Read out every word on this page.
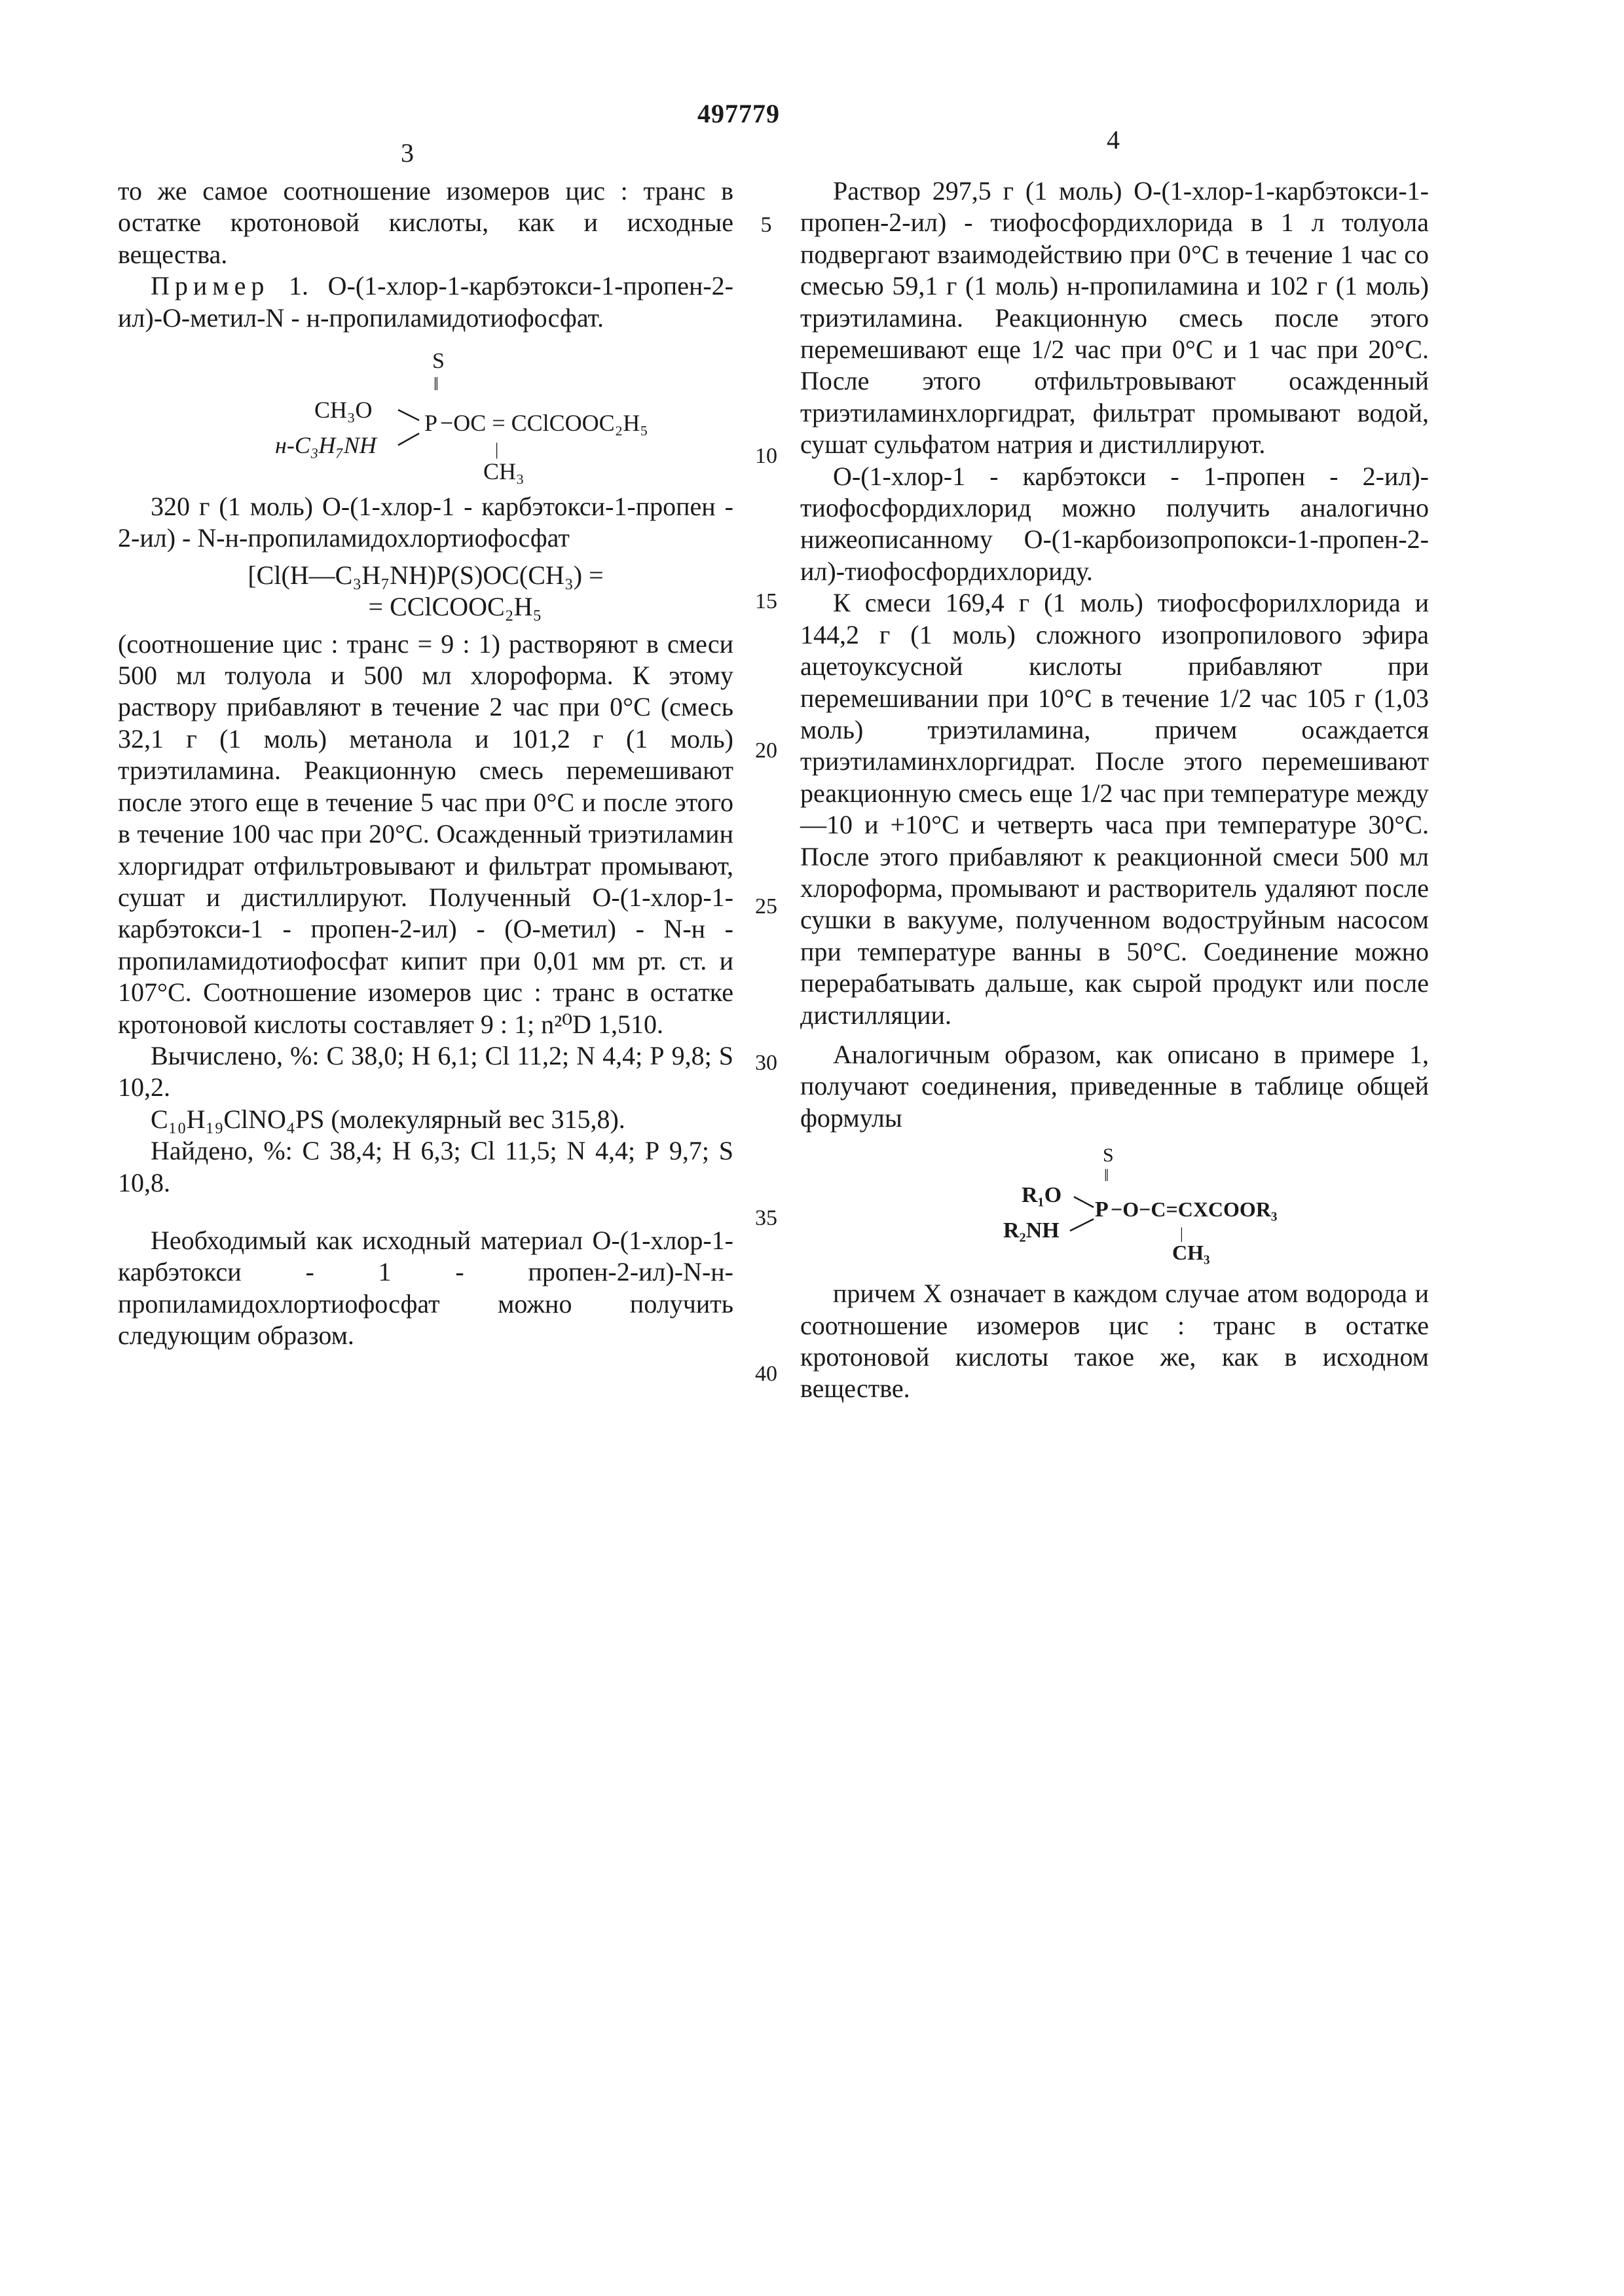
497779
3	4
5
10
15
20
25
30
35
40

то же самое соотношение изомеров цис : транс в остатке кротоновой кислоты, как и исходные вещества.

Пример 1. О-(1-хлор-1-карбэтокси-1-пропен-2-ил)-О-метил-N - н-пропиламидотиофосфат.

S
‖
CH₃O P
н-C₃H₇NH
−OC = CClCOOC₂H₅
|
CH₃

320 г (1 моль) О-(1-хлор-1 - карбэтокси-1-пропен - 2-ил) - N-н-пропиламидохлортиофосфат

[Cl(H—C₃H₇NH)P(S)OC(CH₃) =

= CClCOOC₂H₅

(соотношение цис : транс = 9 : 1) растворяют в смеси 500 мл толуола и 500 мл хлороформа. К этому раствору прибавляют в течение 2 час при 0°С (смесь 32,1 г (1 моль) метанола и 101,2 г (1 моль) триэтиламина. Реакционную смесь перемешивают после этого еще в течение 5 час при 0°С и после этого в течение 100 час при 20°С. Осажденный триэтиламин хлоргидрат отфильтровывают и фильтрат промывают, сушат и дистиллируют. Полученный О-(1-хлор-1-карбэтокси-1 - пропен-2-ил) - (О-метил) - N-н - пропиламидотиофосфат кипит при 0,01 мм рт. ст. и 107°С. Соотношение изомеров цис : транс в остатке кротоновой кислоты составляет 9 : 1; n²⁰D 1,510.

Вычислено, %: С 38,0; Н 6,1; Cl 11,2; N 4,4; Р 9,8; S 10,2.

C₁₀H₁₉ClNO₄PS (молекулярный вес 315,8).

Найдено, %: С 38,4; Н 6,3; Cl 11,5; N 4,4; Р 9,7; S 10,8.

Необходимый как исходный материал О-(1-хлор-1-карбэтокси - 1 - пропен-2-ил)-N-н-пропиламидохлортиофосфат можно получить следующим образом.

Раствор 297,5 г (1 моль) О-(1-хлор-1-карбэтокси-1-пропен-2-ил) - тиофосфордихлорида в 1 л толуола подвергают взаимодействию при 0°С в течение 1 час со смесью 59,1 г (1 моль) н-пропиламина и 102 г (1 моль) триэтиламина. Реакционную смесь после этого перемешивают еще 1/2 час при 0°С и 1 час при 20°С. После этого отфильтровывают осажденный триэтиламинхлоргидрат, фильтрат промывают водой, сушат сульфатом натрия и дистиллируют.

О-(1-хлор-1 - карбэтокси - 1-пропен - 2-ил)-тиофосфордихлорид можно получить аналогично нижеописанному О-(1-карбоизопропокси-1-пропен-2-ил)-тиофосфордихлориду.

К смеси 169,4 г (1 моль) тиофосфорилхлорида и 144,2 г (1 моль) сложного изопропилового эфира ацетоуксусной кислоты прибавляют при перемешивании при 10°С в течение 1/2 час 105 г (1,03 моль) триэтиламина, причем осаждается триэтиламинхлоргидрат. После этого перемешивают реакционную смесь еще 1/2 час при температуре между —10 и +10°С и четверть часа при температуре 30°С. После этого прибавляют к реакционной смеси 500 мл хлороформа, промывают и растворитель удаляют после сушки в вакууме, полученном водоструйным насосом при температуре ванны в 50°С. Соединение можно перерабатывать дальше, как сырой продукт или после дистилляции.

Аналогичным образом, как описано в примере 1, получают соединения, приведенные в таблице общей формулы

S
‖
R₁O
P
R₂NH
−O−C=CXCOOR₃
|
CH₃

причем Х означает в каждом случае атом водорода и соотношение изомеров цис : транс в остатке кротоновой кислоты такое же, как в исходном веществе.
